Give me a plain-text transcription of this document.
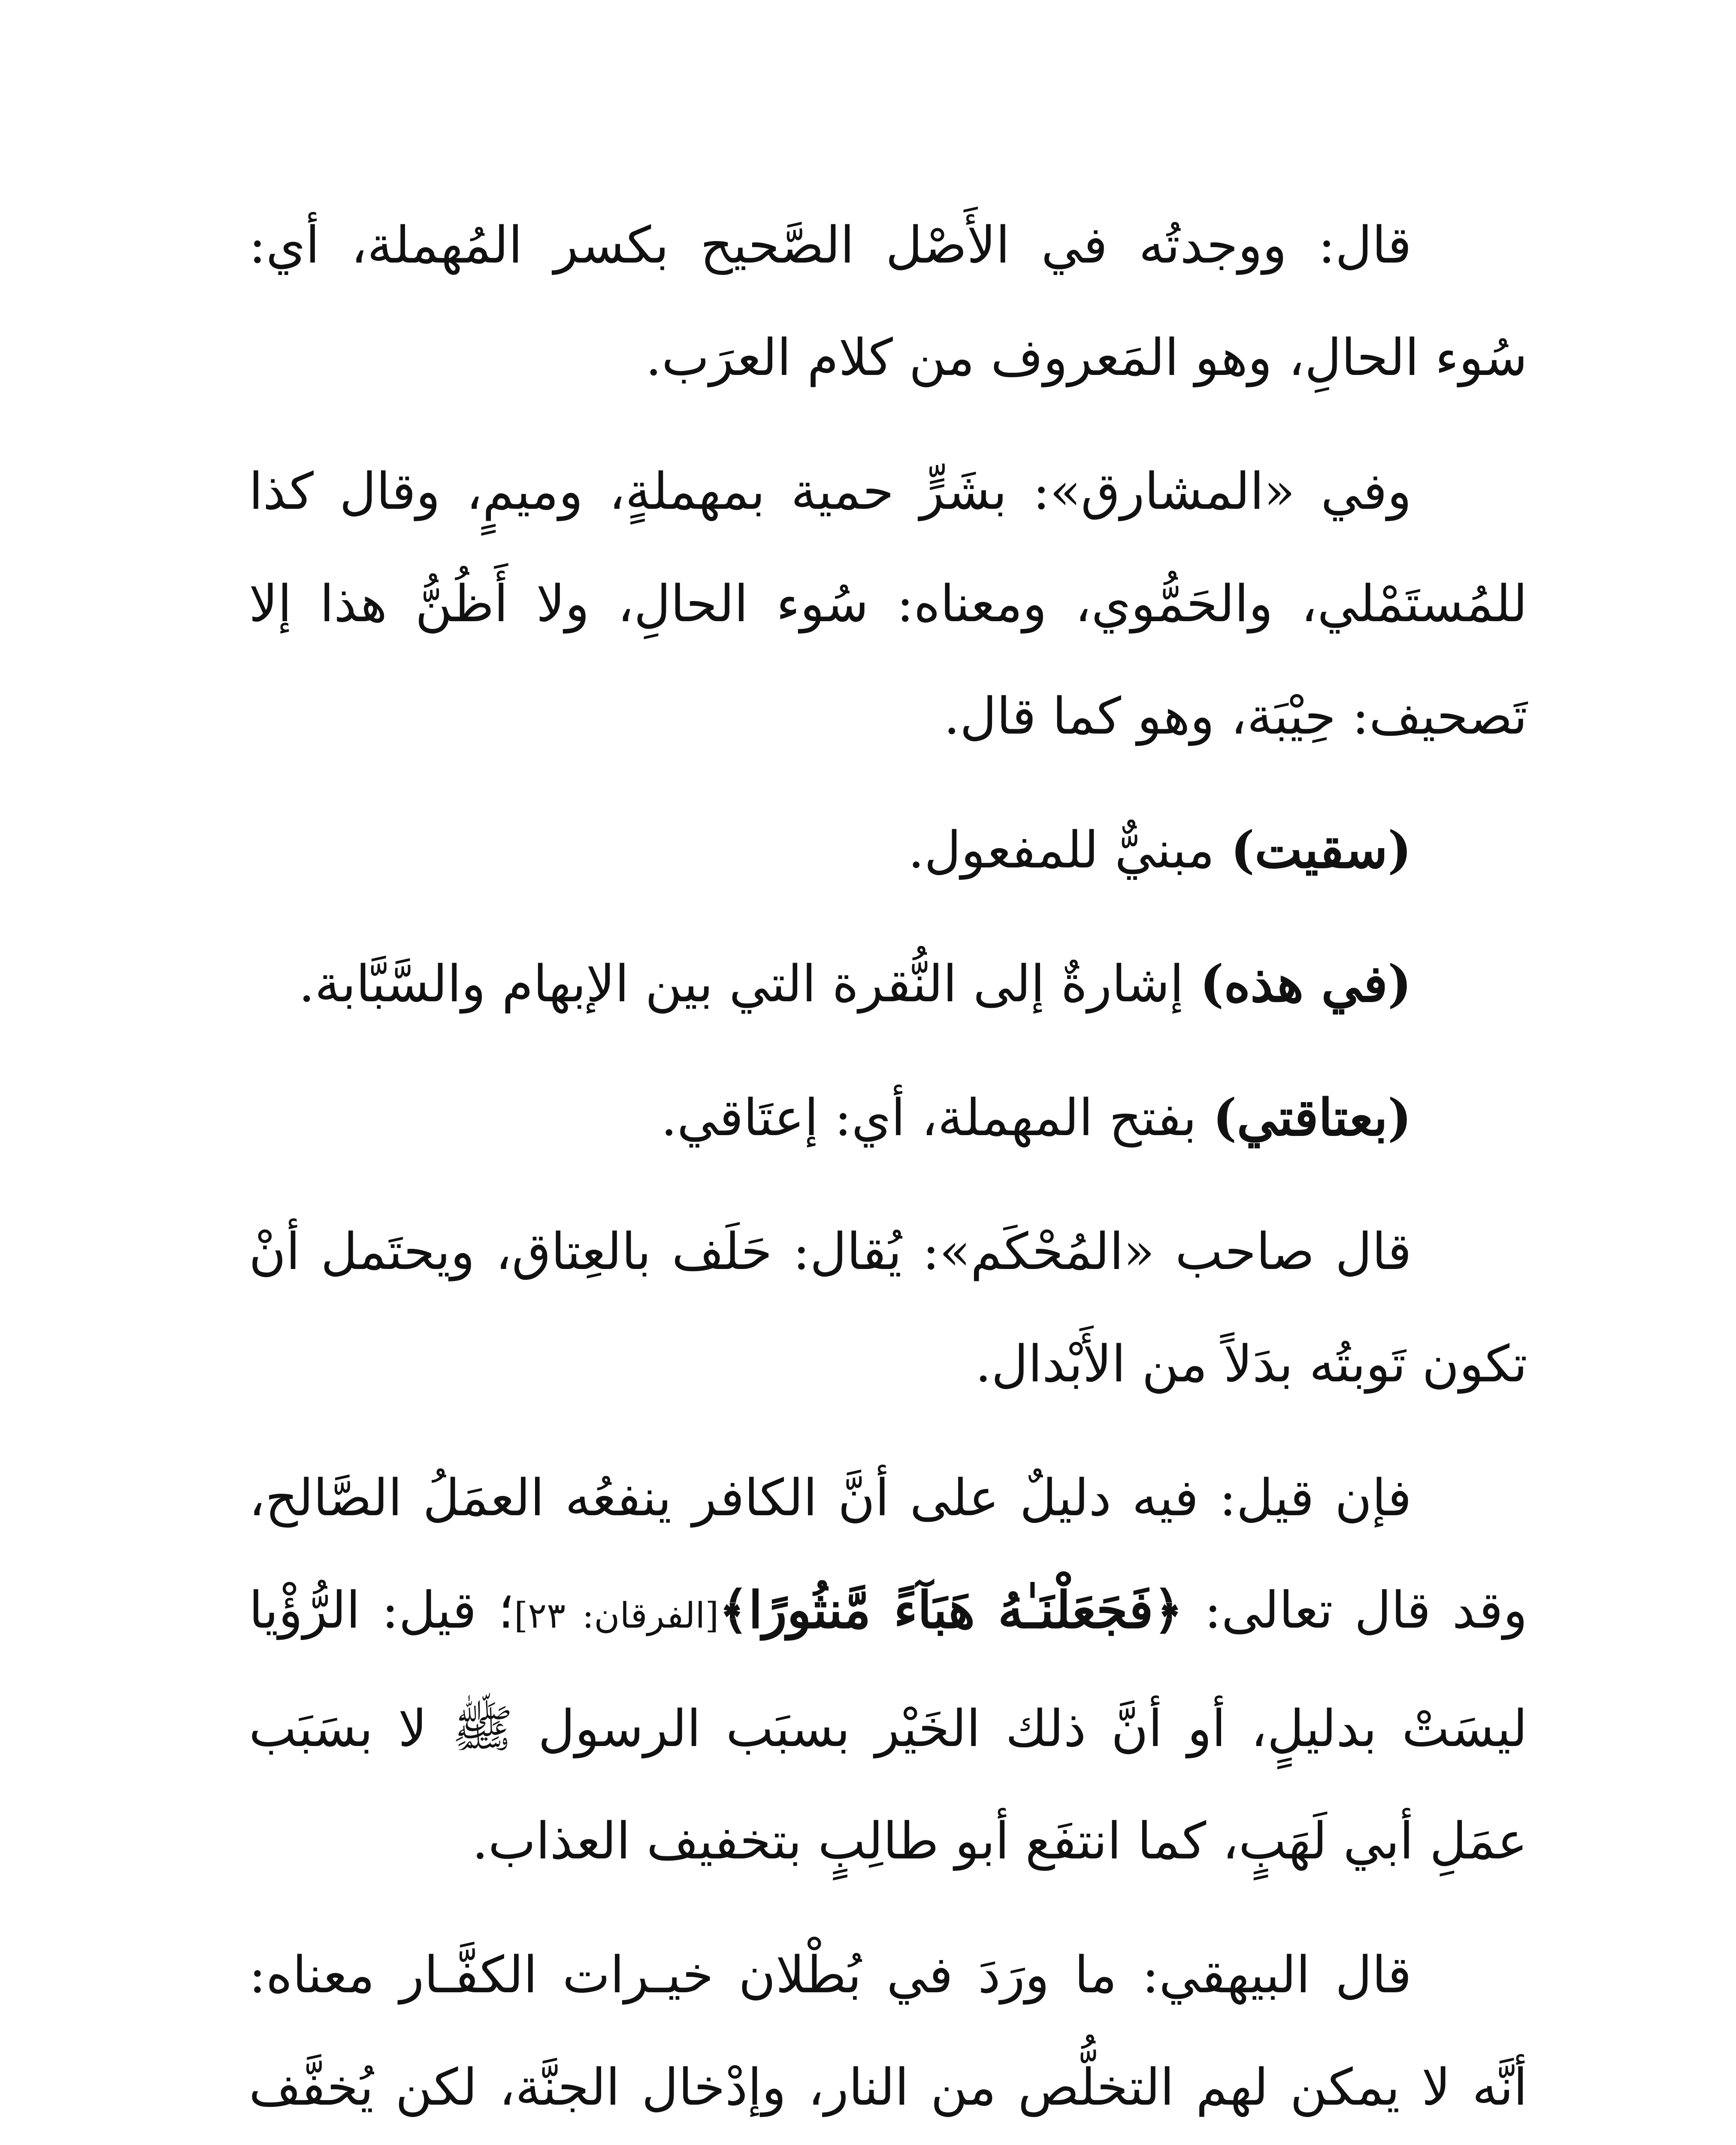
قال: ووجدتُه في الأَصْل الصَّحيح بكسر المُهملة، أي: سُوء الحالِ، وهو المَعروف من كلام العرَب.

وفي «المشارق»: بشَرٍّ حمية بمهملةٍ، وميمٍ، وقال كذا للمُستَمْلي، والحَمُّوي، ومعناه: سُوء الحالِ، ولا أَظُنُّ هذا إلا تَصحيف: حِيْبَة، وهو كما قال.

(سقيت) مبنيٌّ للمفعول.

(في هذه) إشارةٌ إلى النُّقرة التي بين الإبهام والسَّبَّابة.

(بعتاقتي) بفتح المهملة، أي: إعتَاقي.

قال صاحب «المُحْكَم»: يُقال: حَلَف بالعِتاق، ويحتَمل أنْ تكون تَوبتُه بدَلاً من الأَبْدال.

فإن قيل: فيه دليلٌ على أنَّ الكافر ينفعُه العمَلُ الصَّالح، وقد قال تعالى: ﴿فَجَعَلْنَـٰهُ هَبَآءً مَّنثُورًا﴾[الفرقان: ٢٣]؛ قيل: الرُّؤْيا ليسَتْ بدليلٍ، أو أنَّ ذلك الخَيْر بسبَب الرسول ﷺ لا بسَبَب عمَلِ أبي لَهَبٍ، كما انتفَع أبو طالِبٍ بتخفيف العذاب.

قال البيهقي: ما ورَدَ في بُطْلان خيـرات الكفَّـار معناه: أنَّه لا يمكن لهم التخلُّص من النار، وإدْخال الجنَّة، لكن يُخفَّف
